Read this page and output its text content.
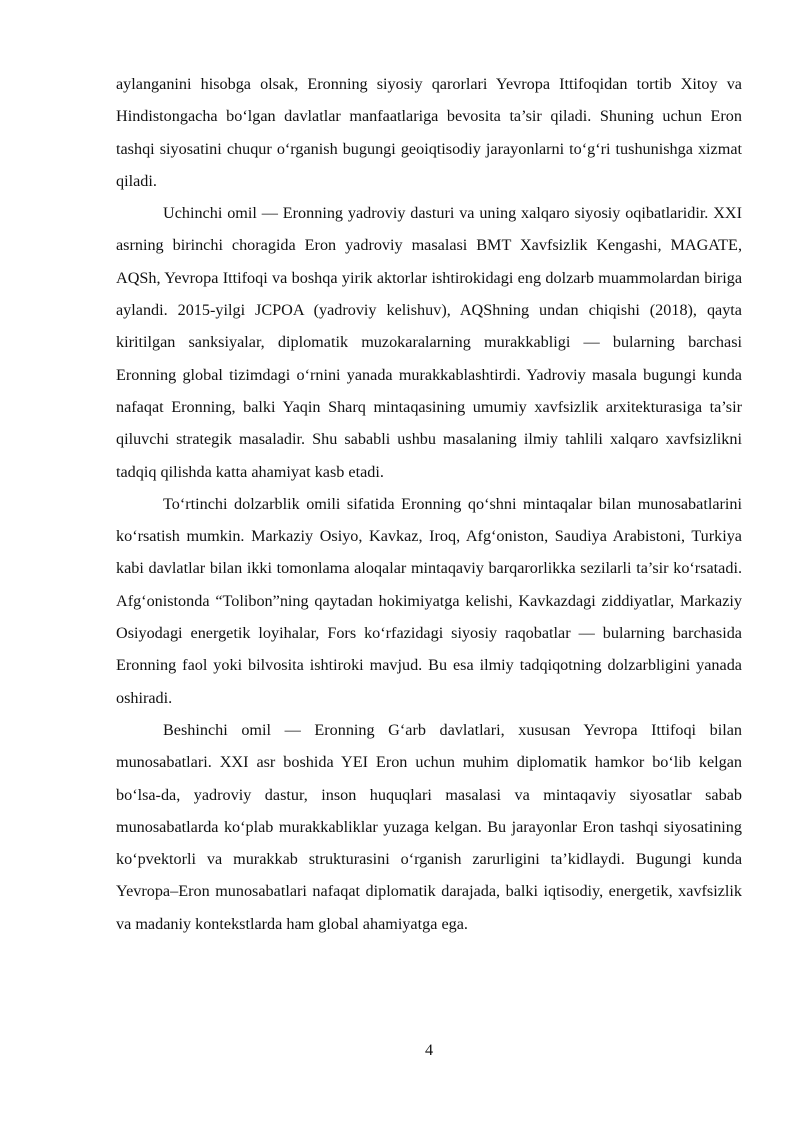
aylanganini hisobga olsak, Eronning siyosiy qarorlari Yevropa Ittifoqidan tortib Xitoy va Hindistongacha bo‘lgan davlatlar manfaatlariga bevosita ta’sir qiladi. Shuning uchun Eron tashqi siyosatini chuqur o‘rganish bugungi geoiqtisodiy jarayonlarni to‘g‘ri tushunishga xizmat qiladi.

Uchinchi omil — Eronning yadroviy dasturi va uning xalqaro siyosiy oqibatlaridir. XXI asrning birinchi choragida Eron yadroviy masalasi BMT Xavfsizlik Kengashi, MAGATE, AQSh, Yevropa Ittifoqi va boshqa yirik aktorlar ishtirokidagi eng dolzarb muammolardan biriga aylandi. 2015-yilgi JCPOA (yadroviy kelishuv), AQShning undan chiqishi (2018), qayta kiritilgan sanksiyalar, diplomatik muzokaralarning murakkabligi — bularning barchasi Eronning global tizimdagi o‘rnini yanada murakkablashtirdi. Yadroviy masala bugungi kunda nafaqat Eronning, balki Yaqin Sharq mintaqasining umumiy xavfsizlik arxitekturasiga ta’sir qiluvchi strategik masaladir. Shu sababli ushbu masalaning ilmiy tahlili xalqaro xavfsizlikni tadqiq qilishda katta ahamiyat kasb etadi.

To‘rtinchi dolzarblik omili sifatida Eronning qo‘shni mintaqalar bilan munosabatlarini ko‘rsatish mumkin. Markaziy Osiyo, Kavkaz, Iroq, Afg‘oniston, Saudiya Arabistoni, Turkiya kabi davlatlar bilan ikki tomonlama aloqalar mintaqaviy barqarorlikka sezilarli ta’sir ko‘rsatadi. Afg‘onistonda “Tolibon”ning qaytadan hokimiyatga kelishi, Kavkazdagi ziddiyatlar, Markaziy Osiyodagi energetik loyihalar, Fors ko‘rfazidagi siyosiy raqobatlar — bularning barchasida Eronning faol yoki bilvosita ishtiroki mavjud. Bu esa ilmiy tadqiqotning dolzarbligini yanada oshiradi.

Beshinchi omil — Eronning G‘arb davlatlari, xususan Yevropa Ittifoqi bilan munosabatlari. XXI asr boshida YEI Eron uchun muhim diplomatik hamkor bo‘lib kelgan bo‘lsa-da, yadroviy dastur, inson huquqlari masalasi va mintaqaviy siyosatlar sabab munosabatlarda ko‘plab murakkabliklar yuzaga kelgan. Bu jarayonlar Eron tashqi siyosatining ko‘pvektorli va murakkab strukturasini o‘rganish zarurligini ta’kidlaydi. Bugungi kunda Yevropa–Eron munosabatlari nafaqat diplomatik darajada, balki iqtisodiy, energetik, xavfsizlik va madaniy kontekstlarda ham global ahamiyatga ega.

4
